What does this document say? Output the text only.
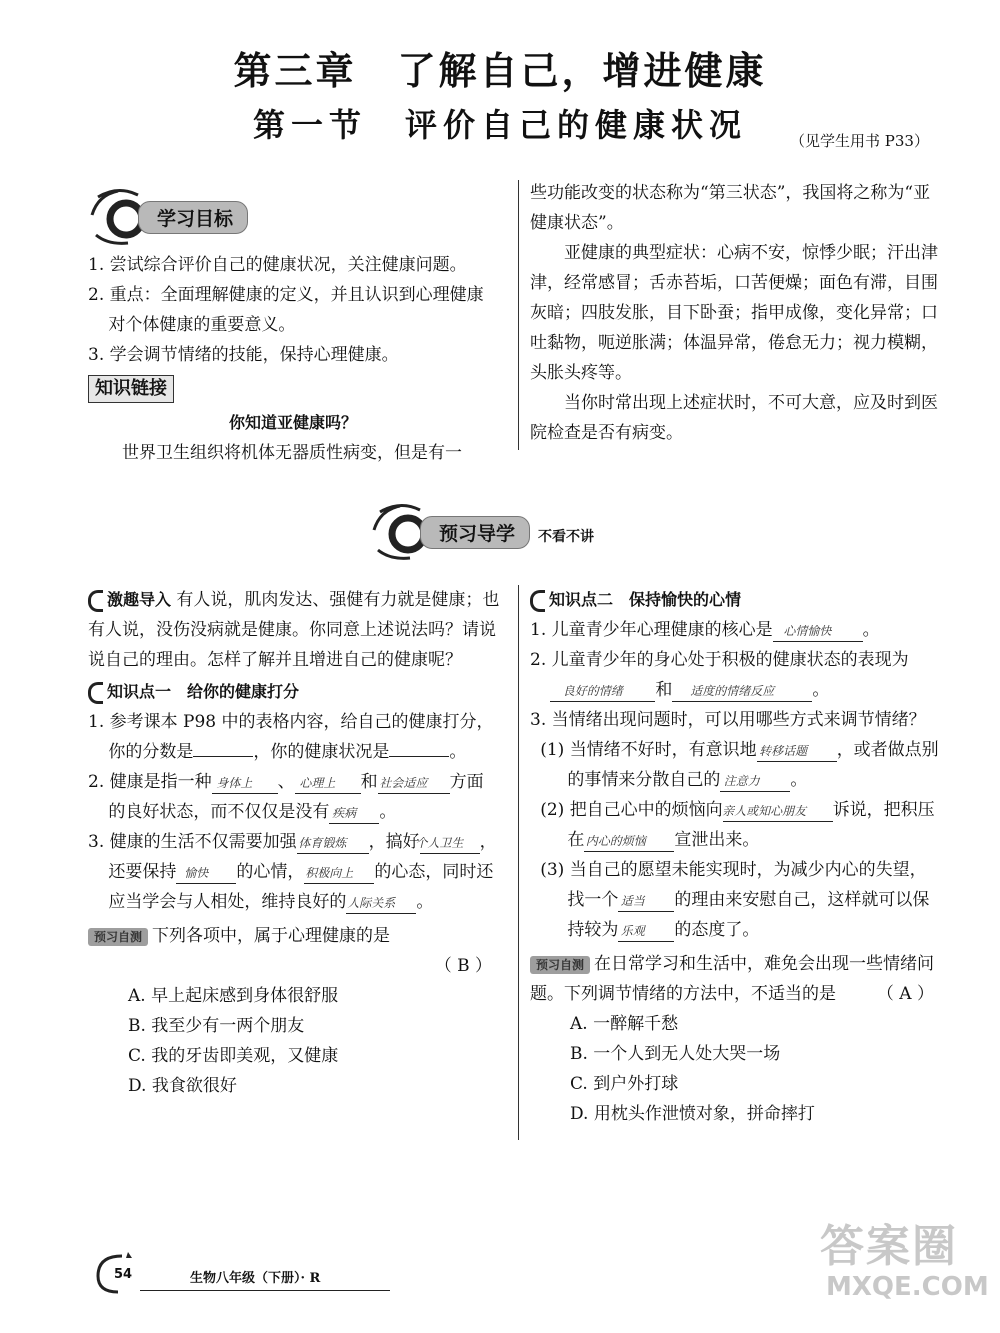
第三章　了解自己，增进健康
第一节　评价自己的健康状况	（见学生用书 P33）
学习目标

1. 尝试综合评价自己的健康状况，关注健康问题。

2. 重点：全面理解健康的定义，并且认识到心理健康对个体健康的重要意义。

3. 学会调节情绪的技能，保持心理健康。

知识链接
你知道亚健康吗？

世界卫生组织将机体无器质性病变，但是有一

些功能改变的状态称为“第三状态”，我国将之称为“亚健康状态”。

亚健康的典型症状：心病不安，惊悸少眠；汗出津津，经常感冒；舌赤苔垢，口苦便燥；面色有滞，目围灰暗；四肢发胀，目下卧蚕；指甲成像，变化异常；口吐黏物，呃逆胀满；体温异常，倦怠无力；视力模糊，头胀头疼等。

当你时常出现上述症状时，不可大意，应及时到医院检查是否有病变。

预习导学	不看不讲

激趣导入 有人说，肌肉发达、强健有力就是健康；也有人说，没伤没病就是健康。你同意上述说法吗？请说说自己的理由。怎样了解并且增进自己的健康呢？

知识点一　给你的健康打分

1. 参考课本 P98 中的表格内容，给自己的健康打分，你的分数是	，你的健康状况是	。

2. 健康是指一种 身体上 、 心理上 和 社会适应 方面的良好状态，而不仅仅是没有 疾病 。

3. 健康的生活不仅需要加强 体育锻炼 ，搞好个人卫生 ，还要保持 愉快 的心情，积极向上 的心态，同时还应当学会与人相处，维持良好的人际关系 。

预习自测 下列各项中，属于心理健康的是

（ B ）

A. 早上起床感到身体很舒服

B. 我至少有一两个朋友

C. 我的牙齿即美观，又健康

D. 我食欲很好

知识点二　保持愉快的心情

1. 儿童青少年心理健康的核心是 心情愉快 。

2. 儿童青少年的身心处于积极的健康状态的表现为良好的情绪 和 适度的情绪反应 。

3. 当情绪出现问题时，可以用哪些方式来调节情绪？

(1) 当情绪不好时，有意识地 转移话题 ，或者做点别的事情来分散自己的 注意力 。

(2) 把自己心中的烦恼向亲人或知心朋友 诉说，把积压在内心的烦恼 宣泄出来。

(3) 当自己的愿望未能实现时，为减少内心的失望，找一个 适当 的理由来安慰自己，这样就可以保持较为 乐观 的态度了。

预习自测 在日常学习和生活中，难免会出现一些情绪问题。下列调节情绪的方法中，不适当的是	（ A ）

A. 一醉解千愁

B. 一个人到无人处大哭一场

C. 到户外打球

D. 用枕头作泄愤对象，拼命摔打

54	生物八年级（下册）· R
答案圈
MXQE.COM
